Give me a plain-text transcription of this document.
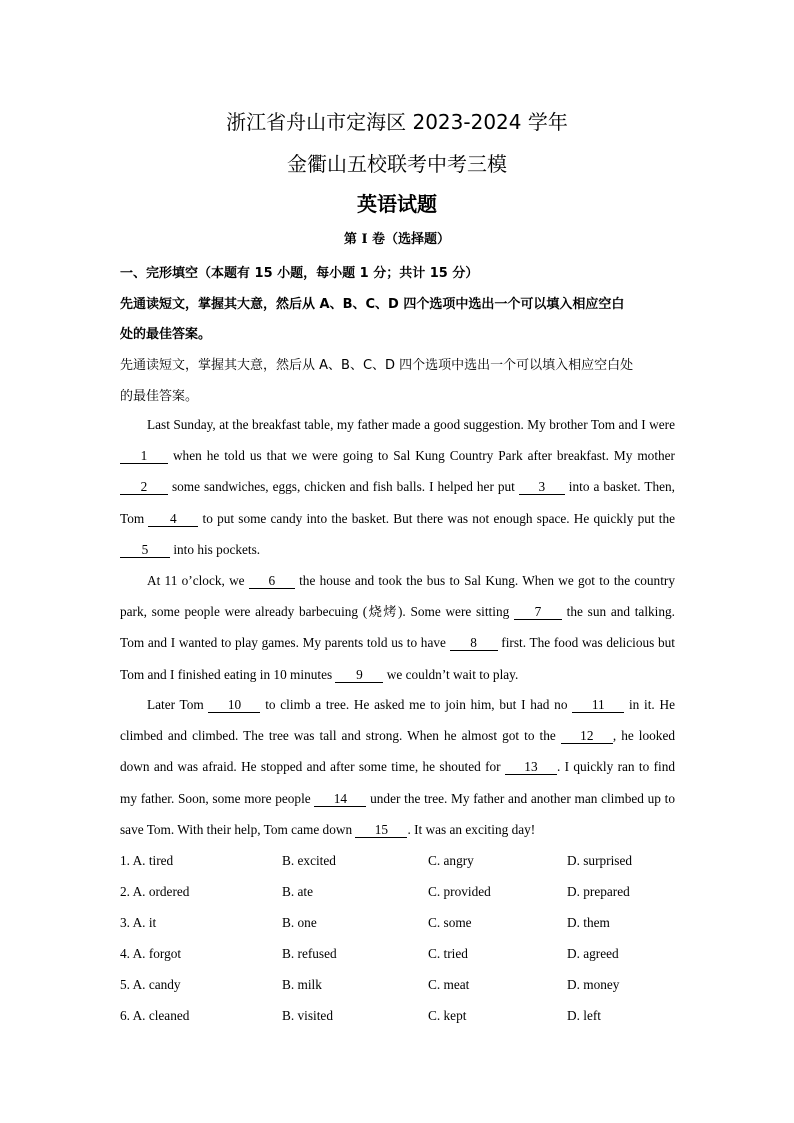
浙江省舟山市定海区 2023-2024 学年
金衢山五校联考中考三模
英语试题
第 I 卷（选择题）
一、完形填空（本题有 15 小题，每小题 1 分；共计 15 分）
先通读短文，掌握其大意，然后从 A、B、C、D 四个选项中选出一个可以填入相应空白
处的最佳答案。
先通读短文，掌握其大意，然后从 A、B、C、D 四个选项中选出一个可以填入相应空白处
的最佳答案。
Last Sunday, at the breakfast table, my father made a good suggestion. My brother Tom and I were 1 when he told us that we were going to Sal Kung Country Park after breakfast. My mother 2 some sandwiches, eggs, chicken and fish balls. I helped her put 3 into a basket. Then, Tom 4 to put some candy into the basket. But there was not enough space. He quickly put the 5 into his pockets.
At 11 o’clock, we 6 the house and took the bus to Sal Kung. When we got to the country park, some people were already barbecuing (烧烤). Some were sitting 7 the sun and talking. Tom and I wanted to play games. My parents told us to have 8 first. The food was delicious but Tom and I finished eating in 10 minutes 9 we couldn’t wait to play.
Later Tom 10 to climb a tree. He asked me to join him, but I had no 11 in it. He climbed and climbed. The tree was tall and strong. When he almost got to the 12 , he looked down and was afraid. He stopped and after some time, he shouted for 13 . I quickly ran to find my father. Soon, some more people 14 under the tree. My father and another man climbed up to save Tom. With their help, Tom came down 15 . It was an exciting day!
1. A. tired	B. excited	C. angry	D. surprised
2. A. ordered	B. ate	C. provided	D. prepared
3. A. it	B. one	C. some	D. them
4. A. forgot	B. refused	C. tried	D. agreed
5. A. candy	B. milk	C. meat	D. money
6. A. cleaned	B. visited	C. kept	D. left
